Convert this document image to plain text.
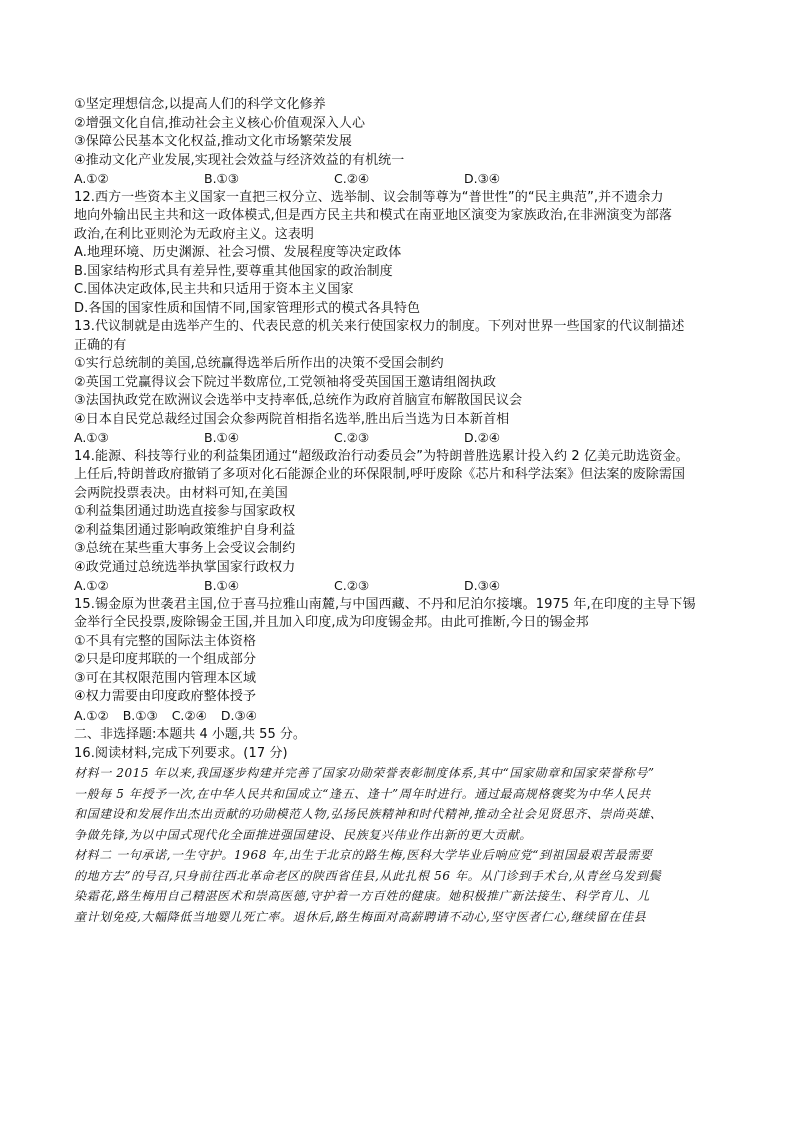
①坚定理想信念,以提高人们的科学文化修养
②增强文化自信,推动社会主义核心价值观深入人心
③保障公民基本文化权益,推动文化市场繁荣发展
④推动文化产业发展,实现社会效益与经济效益的有机统一
A.①②	B.①③	C.②④	D.③④
12.西方一些资本主义国家一直把三权分立、选举制、议会制等尊为“普世性”的“民主典范”,并不遗余力
地向外输出民主共和这一政体模式,但是西方民主共和模式在南亚地区演变为家族政治,在非洲演变为部落
政治,在利比亚则沦为无政府主义。这表明
A.地理环境、历史渊源、社会习惯、发展程度等决定政体
B.国家结构形式具有差异性,要尊重其他国家的政治制度
C.国体决定政体,民主共和只适用于资本主义国家
D.各国的国家性质和国情不同,国家管理形式的模式各具特色
13.代议制就是由选举产生的、代表民意的机关来行使国家权力的制度。下列对世界一些国家的代议制描述
正确的有
①实行总统制的美国,总统赢得选举后所作出的决策不受国会制约
②英国工党赢得议会下院过半数席位,工党领袖将受英国国王邀请组阁执政
③法国执政党在欧洲议会选举中支持率低,总统作为政府首脑宣布解散国民议会
④日本自民党总裁经过国会众参两院首相指名选举,胜出后当选为日本新首相
A.①③	B.①④	C.②③	D.②④
14.能源、科技等行业的利益集团通过“超级政治行动委员会”为特朗普胜选累计投入约 2 亿美元助选资金。
上任后,特朗普政府撤销了多项对化石能源企业的环保限制,呼吁废除《芯片和科学法案》但法案的废除需国
会两院投票表决。由材料可知,在美国
①利益集团通过助选直接参与国家政权
②利益集团通过影响政策维护自身利益
③总统在某些重大事务上会受议会制约
④政党通过总统选举执掌国家行政权力
A.①②	B.①④	C.②③	D.③④
15.锡金原为世袭君主国,位于喜马拉雅山南麓,与中国西藏、不丹和尼泊尔接壤。1975 年,在印度的主导下锡
金举行全民投票,废除锡金王国,并且加入印度,成为印度锡金邦。由此可推断,今日的锡金邦
①不具有完整的国际法主体资格
②只是印度邦联的一个组成部分
③可在其权限范围内管理本区域
④权力需要由印度政府整体授予
A.①② B.①③ C.②④ D.③④
二、非选择题:本题共 4 小题,共 55 分。
16.阅读材料,完成下列要求。(17 分)

材料一 2015 年以来,我国逐步构建并完善了国家功勋荣誉表彰制度体系,其中“国家勋章和国家荣誉称号”

一般每 5 年授予一次,在中华人民共和国成立“逢五、逢十”周年时进行。通过最高规格褒奖为中华人民共

和国建设和发展作出杰出贡献的功勋模范人物,弘扬民族精神和时代精神,推动全社会见贤思齐、崇尚英雄、

争做先锋,为以中国式现代化全面推进强国建设、民族复兴伟业作出新的更大贡献。

材料二 一句承诺,一生守护。1968 年,出生于北京的路生梅,医科大学毕业后响应党“到祖国最艰苦最需要

的地方去”的号召,只身前往西北革命老区的陕西省佳县,从此扎根 56 年。从门诊到手术台,从青丝乌发到鬓

染霜花,路生梅用自己精湛医术和崇高医德,守护着一方百姓的健康。她积极推广新法接生、科学育儿、儿

童计划免疫,大幅降低当地婴儿死亡率。退休后,路生梅面对高薪聘请不动心,坚守医者仁心,继续留在佳县
